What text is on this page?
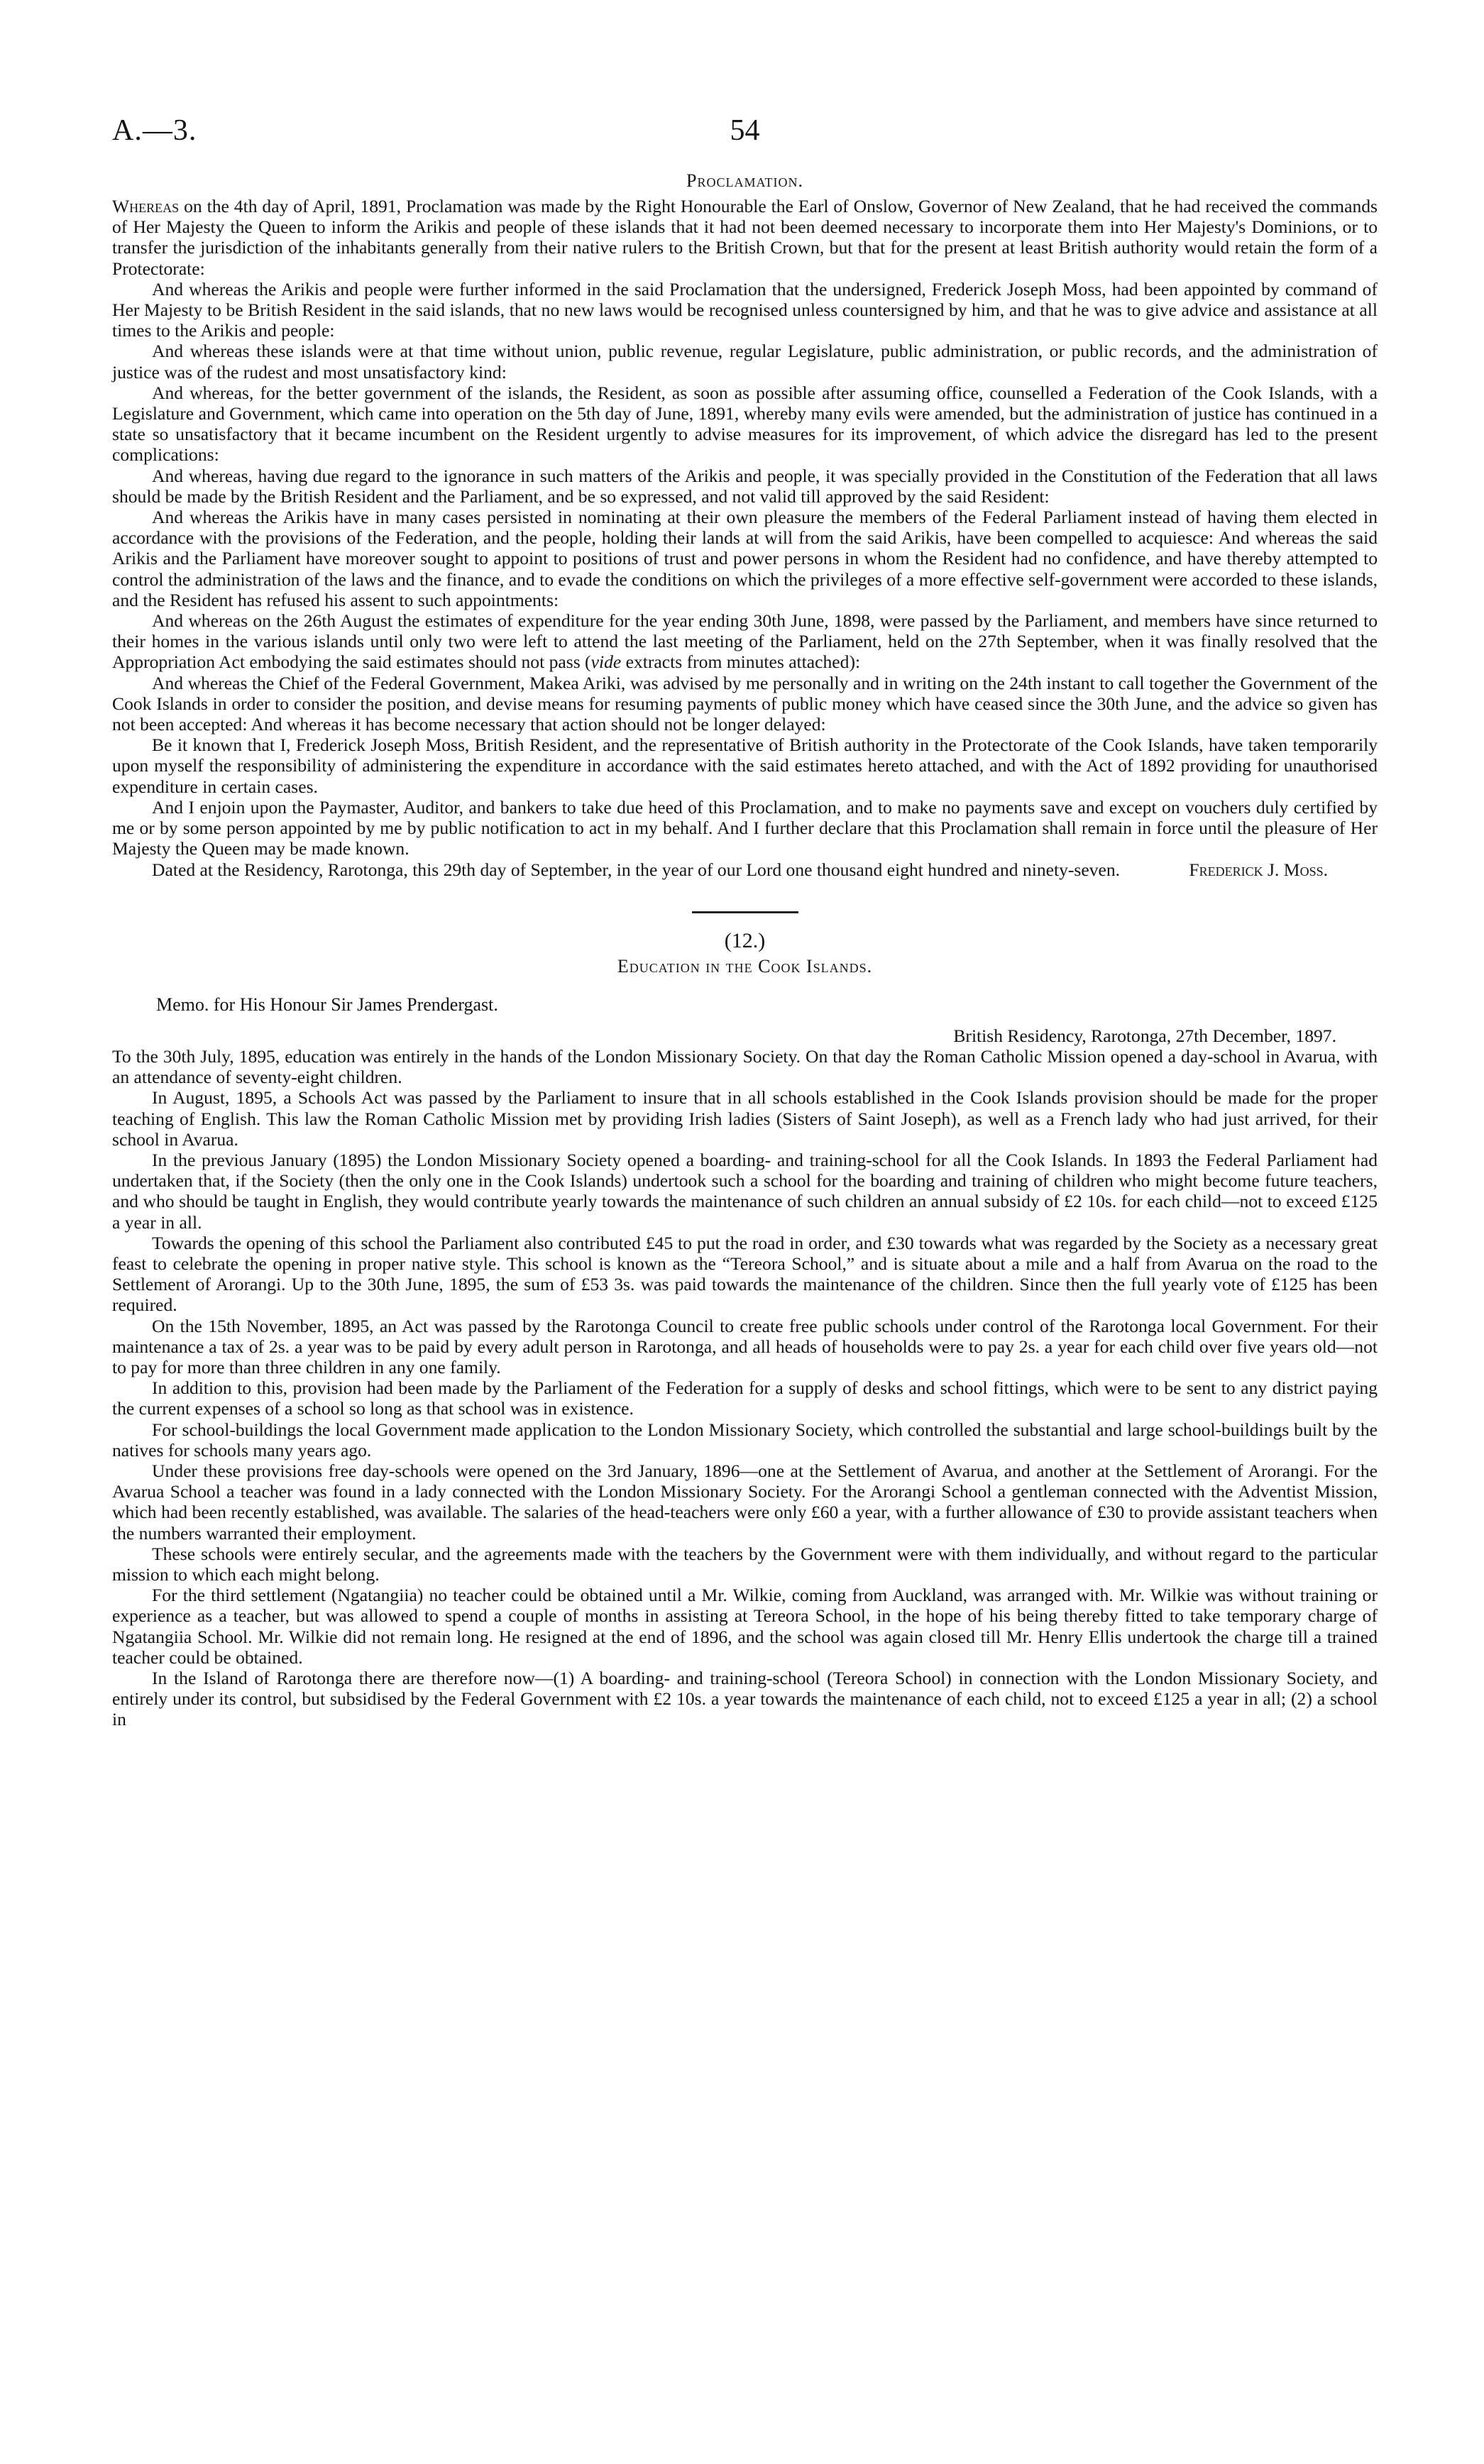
A.—3.	54
Proclamation.

Whereas on the 4th day of April, 1891, Proclamation was made by the Right Honourable the Earl of Onslow, Governor of New Zealand, that he had received the commands of Her Majesty the Queen to inform the Arikis and people of these islands that it had not been deemed necessary to incorporate them into Her Majesty's Dominions, or to transfer the jurisdiction of the inhabitants generally from their native rulers to the British Crown, but that for the present at least British authority would retain the form of a Protectorate:

And whereas the Arikis and people were further informed in the said Proclamation that the undersigned, Frederick Joseph Moss, had been appointed by command of Her Majesty to be British Resident in the said islands, that no new laws would be recognised unless countersigned by him, and that he was to give advice and assistance at all times to the Arikis and people:

And whereas these islands were at that time without union, public revenue, regular Legislature, public administration, or public records, and the administration of justice was of the rudest and most unsatisfactory kind:

And whereas, for the better government of the islands, the Resident, as soon as possible after assuming office, counselled a Federation of the Cook Islands, with a Legislature and Government, which came into operation on the 5th day of June, 1891, whereby many evils were amended, but the administration of justice has continued in a state so unsatisfactory that it became incumbent on the Resident urgently to advise measures for its improvement, of which advice the disregard has led to the present complications:

And whereas, having due regard to the ignorance in such matters of the Arikis and people, it was specially provided in the Constitution of the Federation that all laws should be made by the British Resident and the Parliament, and be so expressed, and not valid till approved by the said Resident:

And whereas the Arikis have in many cases persisted in nominating at their own pleasure the members of the Federal Parliament instead of having them elected in accordance with the provisions of the Federation, and the people, holding their lands at will from the said Arikis, have been compelled to acquiesce: And whereas the said Arikis and the Parliament have moreover sought to appoint to positions of trust and power persons in whom the Resident had no confidence, and have thereby attempted to control the administration of the laws and the finance, and to evade the conditions on which the privileges of a more effective self-government were accorded to these islands, and the Resident has refused his assent to such appointments:

And whereas on the 26th August the estimates of expenditure for the year ending 30th June, 1898, were passed by the Parliament, and members have since returned to their homes in the various islands until only two were left to attend the last meeting of the Parliament, held on the 27th September, when it was finally resolved that the Appropriation Act embodying the said estimates should not pass (vide extracts from minutes attached):

And whereas the Chief of the Federal Government, Makea Ariki, was advised by me personally and in writing on the 24th instant to call together the Government of the Cook Islands in order to consider the position, and devise means for resuming payments of public money which have ceased since the 30th June, and the advice so given has not been accepted: And whereas it has become necessary that action should not be longer delayed:

Be it known that I, Frederick Joseph Moss, British Resident, and the representative of British authority in the Protectorate of the Cook Islands, have taken temporarily upon myself the responsibility of administering the expenditure in accordance with the said estimates hereto attached, and with the Act of 1892 providing for unauthorised expenditure in certain cases.

And I enjoin upon the Paymaster, Auditor, and bankers to take due heed of this Proclamation, and to make no payments save and except on vouchers duly certified by me or by some person appointed by me by public notification to act in my behalf. And I further declare that this Proclamation shall remain in force until the pleasure of Her Majesty the Queen may be made known.

Dated at the Residency, Rarotonga, this 29th day of September, in the year of our Lord one thousand eight hundred and ninety-seven.	Frederick J. Moss.
(12.)
Education in the Cook Islands.
Memo. for His Honour Sir James Prendergast.
British Residency, Rarotonga, 27th December, 1897.

To the 30th July, 1895, education was entirely in the hands of the London Missionary Society. On that day the Roman Catholic Mission opened a day-school in Avarua, with an attendance of seventy-eight children.

In August, 1895, a Schools Act was passed by the Parliament to insure that in all schools established in the Cook Islands provision should be made for the proper teaching of English. This law the Roman Catholic Mission met by providing Irish ladies (Sisters of Saint Joseph), as well as a French lady who had just arrived, for their school in Avarua.

In the previous January (1895) the London Missionary Society opened a boarding- and training-school for all the Cook Islands. In 1893 the Federal Parliament had undertaken that, if the Society (then the only one in the Cook Islands) undertook such a school for the boarding and training of children who might become future teachers, and who should be taught in English, they would contribute yearly towards the maintenance of such children an annual subsidy of £2 10s. for each child—not to exceed £125 a year in all.

Towards the opening of this school the Parliament also contributed £45 to put the road in order, and £30 towards what was regarded by the Society as a necessary great feast to celebrate the opening in proper native style. This school is known as the “Tereora School,” and is situate about a mile and a half from Avarua on the road to the Settlement of Arorangi. Up to the 30th June, 1895, the sum of £53 3s. was paid towards the maintenance of the children. Since then the full yearly vote of £125 has been required.

On the 15th November, 1895, an Act was passed by the Rarotonga Council to create free public schools under control of the Rarotonga local Government. For their maintenance a tax of 2s. a year was to be paid by every adult person in Rarotonga, and all heads of households were to pay 2s. a year for each child over five years old—not to pay for more than three children in any one family.

In addition to this, provision had been made by the Parliament of the Federation for a supply of desks and school fittings, which were to be sent to any district paying the current expenses of a school so long as that school was in existence.

For school-buildings the local Government made application to the London Missionary Society, which controlled the substantial and large school-buildings built by the natives for schools many years ago.

Under these provisions free day-schools were opened on the 3rd January, 1896—one at the Settlement of Avarua, and another at the Settlement of Arorangi. For the Avarua School a teacher was found in a lady connected with the London Missionary Society. For the Arorangi School a gentleman connected with the Adventist Mission, which had been recently established, was available. The salaries of the head-teachers were only £60 a year, with a further allowance of £30 to provide assistant teachers when the numbers warranted their employment.

These schools were entirely secular, and the agreements made with the teachers by the Government were with them individually, and without regard to the particular mission to which each might belong.

For the third settlement (Ngatangiia) no teacher could be obtained until a Mr. Wilkie, coming from Auckland, was arranged with. Mr. Wilkie was without training or experience as a teacher, but was allowed to spend a couple of months in assisting at Tereora School, in the hope of his being thereby fitted to take temporary charge of Ngatangiia School. Mr. Wilkie did not remain long. He resigned at the end of 1896, and the school was again closed till Mr. Henry Ellis undertook the charge till a trained teacher could be obtained.

In the Island of Rarotonga there are therefore now—(1) A boarding- and training-school (Tereora School) in connection with the London Missionary Society, and entirely under its control, but subsidised by the Federal Government with £2 10s. a year towards the maintenance of each child, not to exceed £125 a year in all; (2) a school in
